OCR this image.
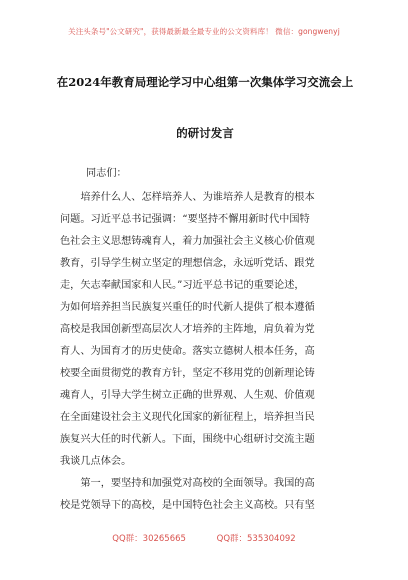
关注头条号"公文研究"，获得最新最全最专业的公文资料库！ 微信：gongwenyj
在2024年教育局理论学习中心组第一次集体学习交流会上
的研讨发言
同志们：
　　培养什么人、怎样培养人、为谁培养人是教育的根本
问题。习近平总书记强调：“要坚持不懈用新时代中国特
色社会主义思想铸魂育人，着力加强社会主义核心价值观
教育，引导学生树立坚定的理想信念，永远听党话、跟党
走，矢志奉献国家和人民。”习近平总书记的重要论述，
为如何培养担当民族复兴重任的时代新人提供了根本遵循
高校是我国创新型高层次人才培养的主阵地，肩负着为党
育人、为国育才的历史使命。落实立德树人根本任务，高
校要全面贯彻党的教育方针，坚定不移用党的创新理论铸
魂育人，引导大学生树立正确的世界观、人生观、价值观
在全面建设社会主义现代化国家的新征程上，培养担当民
族复兴大任的时代新人。下面，围绕中心组研讨交流主题
我谈几点体会。
　　第一，要坚持和加强党对高校的全面领导。我国的高
校是党领导下的高校，是中国特色社会主义高校。只有坚
QQ群：30265665	QQ群：535304092
